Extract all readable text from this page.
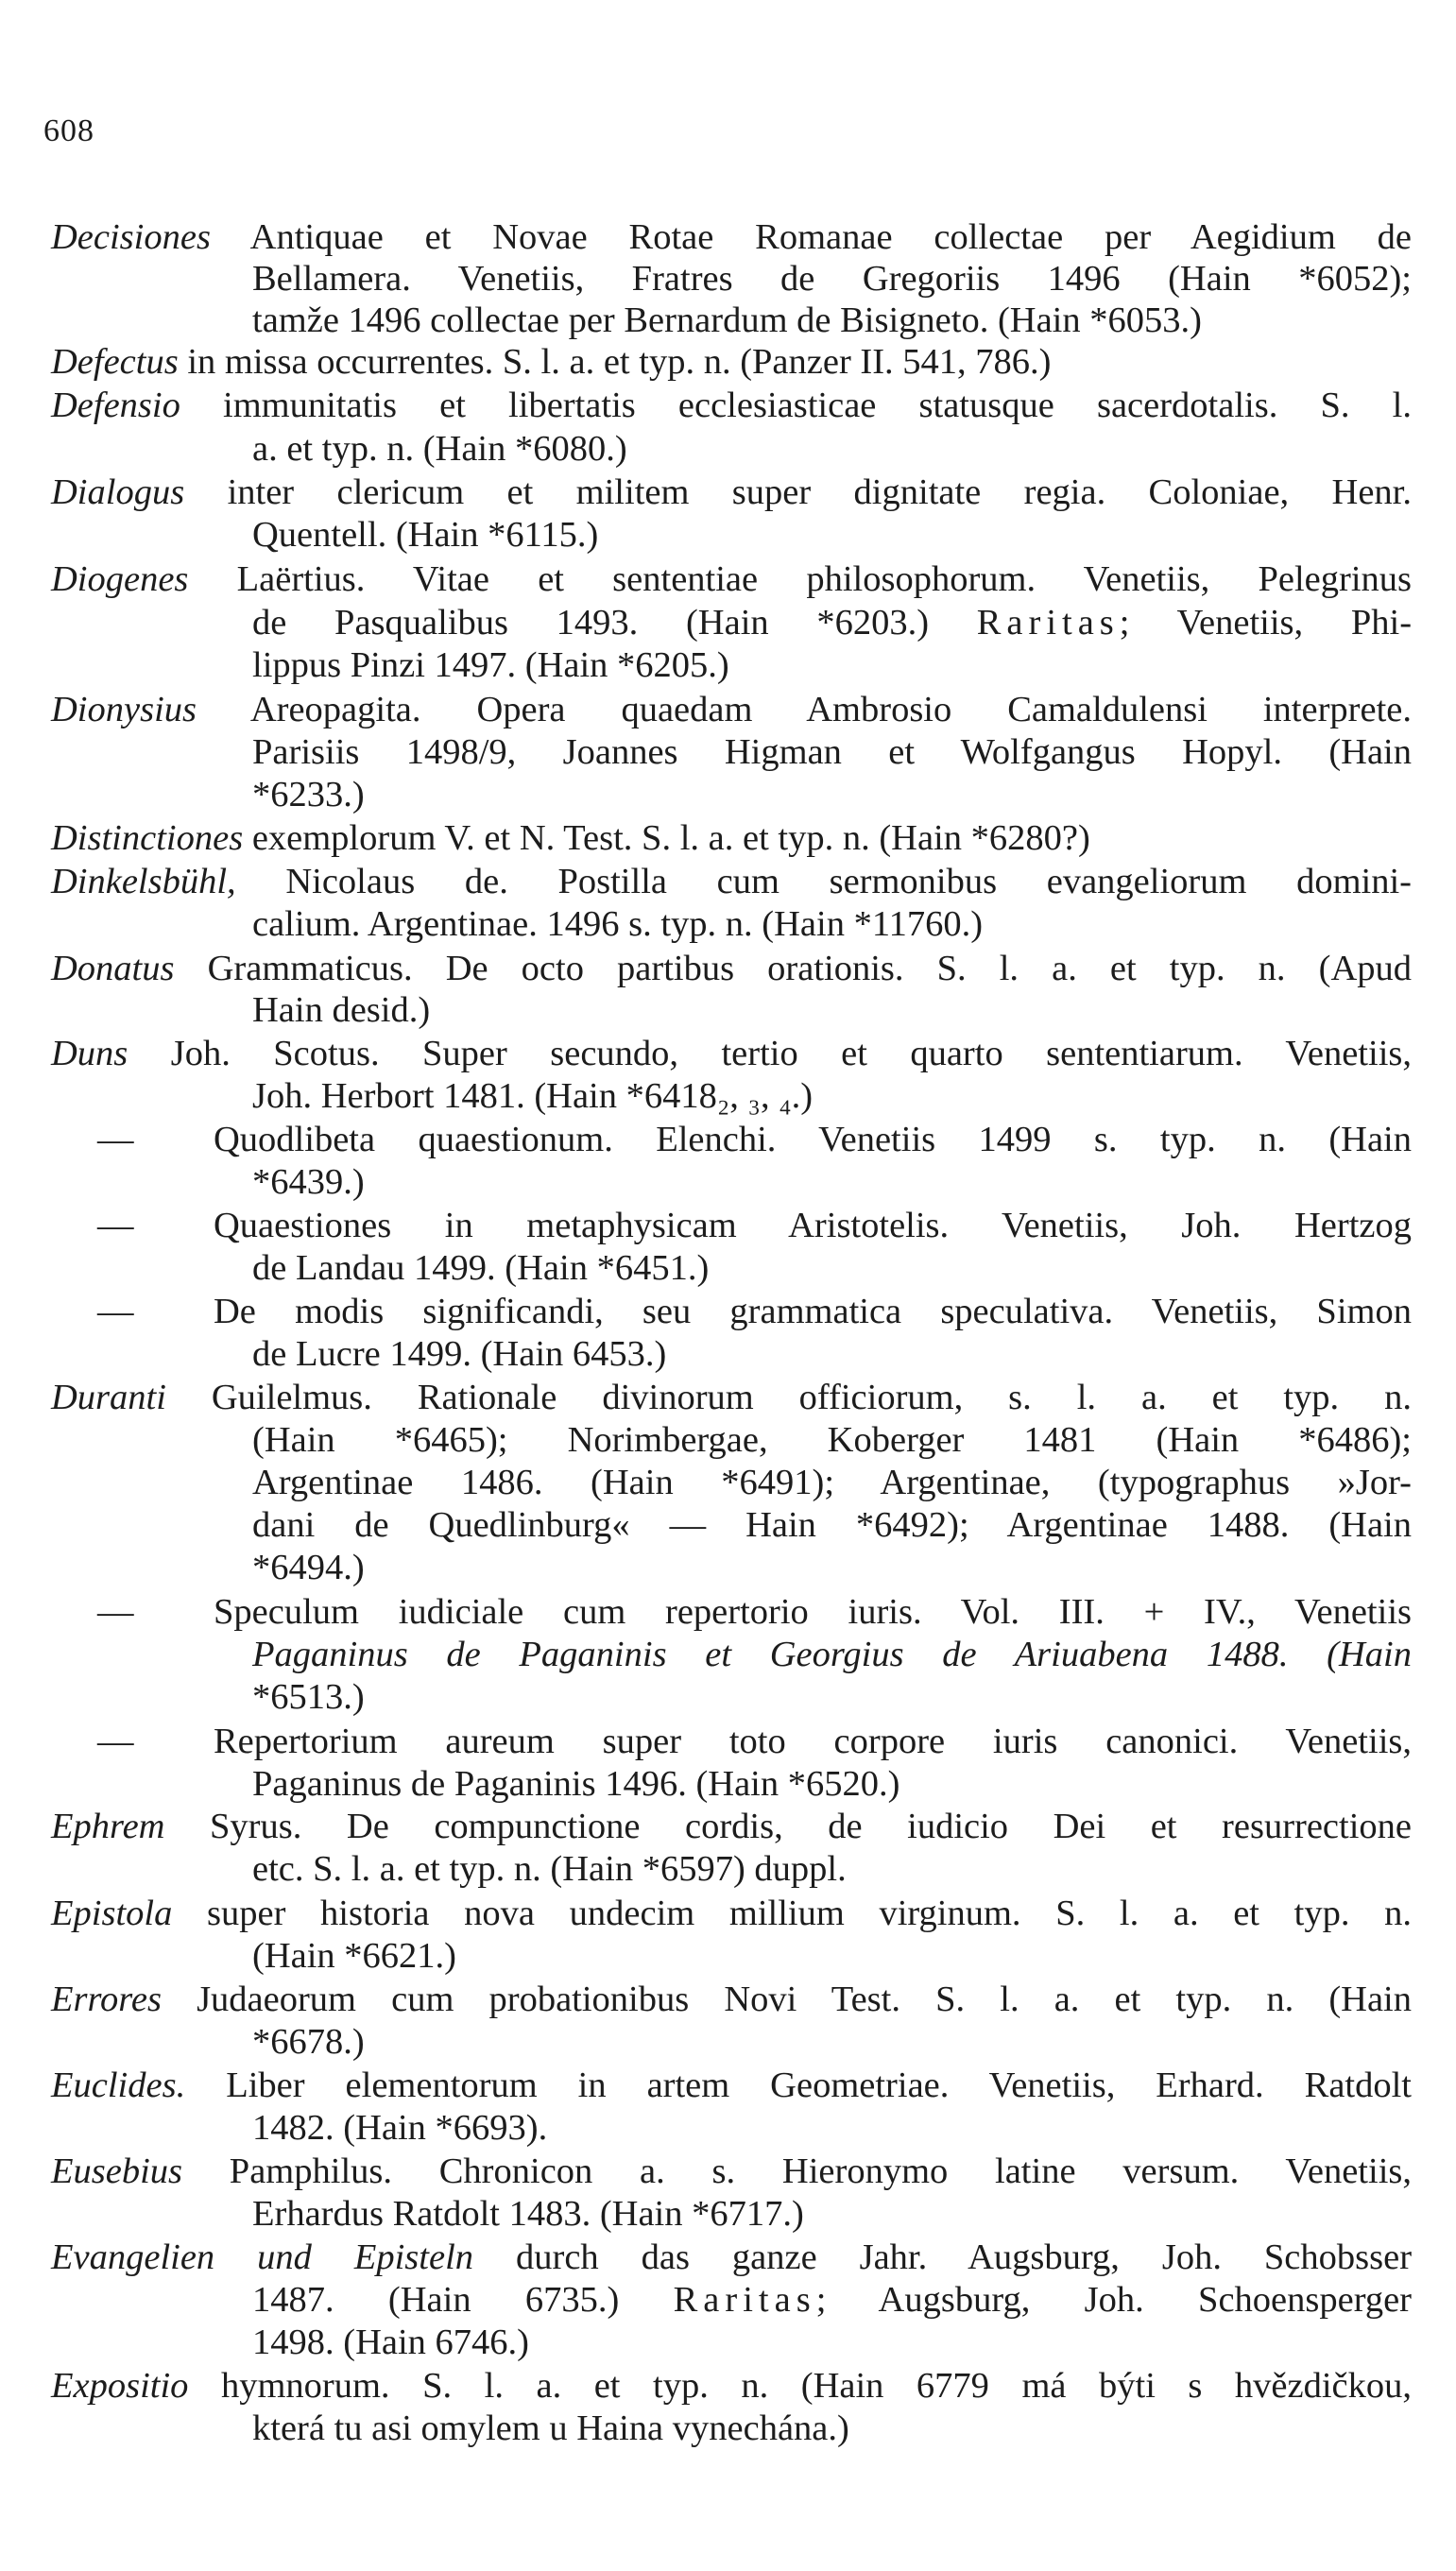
608
Decisiones Antiquae et Novae Rotae Romanae collectae per Aegidium de
Bellamera. Venetiis, Fratres de Gregoriis 1496 (Hain *6052);
tamže 1496 collectae per Bernardum de Bisigneto. (Hain *6053.)
Defectus in missa occurrentes. S. l. a. et typ. n. (Panzer II. 541, 786.)
Defensio immunitatis et libertatis ecclesiasticae statusque sacerdotalis. S. l.
a. et typ. n. (Hain *6080.)
Dialogus inter clericum et militem super dignitate regia. Coloniae, Henr.
Quentell. (Hain *6115.)
Diogenes Laërtius. Vitae et sententiae philosophorum. Venetiis, Pelegrinus
de Pasqualibus 1493. (Hain *6203.) Raritas; Venetiis, Phi-
lippus Pinzi 1497. (Hain *6205.)
Dionysius Areopagita. Opera quaedam Ambrosio Camaldulensi interprete.
Parisiis 1498/9, Joannes Higman et Wolfgangus Hopyl. (Hain
*6233.)
Distinctiones exemplorum V. et N. Test. S. l. a. et typ. n. (Hain *6280?)
Dinkelsbühl, Nicolaus de. Postilla cum sermonibus evangeliorum domini-
calium. Argentinae. 1496 s. typ. n. (Hain *11760.)
Donatus Grammaticus. De octo partibus orationis. S. l. a. et typ. n. (Apud
Hain desid.)
Duns Joh. Scotus. Super secundo, tertio et quarto sententiarum. Venetiis,
Joh. Herbort 1481. (Hain *6418₂, ₃, ₄.)
— Quodlibeta quaestionum. Elenchi. Venetiis 1499 s. typ. n. (Hain
*6439.)
— Quaestiones in metaphysicam Aristotelis. Venetiis, Joh. Hertzog
de Landau 1499. (Hain *6451.)
— De modis significandi, seu grammatica speculativa. Venetiis, Simon
de Lucre 1499. (Hain 6453.)
Duranti Guilelmus. Rationale divinorum officiorum, s. l. a. et typ. n.
(Hain *6465); Norimbergae, Koberger 1481 (Hain *6486);
Argentinae 1486. (Hain *6491); Argentinae, (typographus »Jor-
dani de Quedlinburg« — Hain *6492); Argentinae 1488. (Hain
*6494.)
— Speculum iudiciale cum repertorio iuris. Vol. III. + IV., Venetiis
Paganinus de Paganinis et Georgius de Ariuabena 1488. (Hain
*6513.)
— Repertorium aureum super toto corpore iuris canonici. Venetiis,
Paganinus de Paganinis 1496. (Hain *6520.)
Ephrem Syrus. De compunctione cordis, de iudicio Dei et resurrectione
etc. S. l. a. et typ. n. (Hain *6597) duppl.
Epistola super historia nova undecim millium virginum. S. l. a. et typ. n.
(Hain *6621.)
Errores Judaeorum cum probationibus Novi Test. S. l. a. et typ. n. (Hain
*6678.)
Euclides. Liber elementorum in artem Geometriae. Venetiis, Erhard. Ratdolt
1482. (Hain *6693).
Eusebius Pamphilus. Chronicon a. s. Hieronymo latine versum. Venetiis,
Erhardus Ratdolt 1483. (Hain *6717.)
Evangelien und Episteln durch das ganze Jahr. Augsburg, Joh. Schobsser
1487. (Hain 6735.) Raritas; Augsburg, Joh. Schoensperger
1498. (Hain 6746.)
Expositio hymnorum. S. l. a. et typ. n. (Hain 6779 má býti s hvězdičkou,
která tu asi omylem u Haina vynechána.)
